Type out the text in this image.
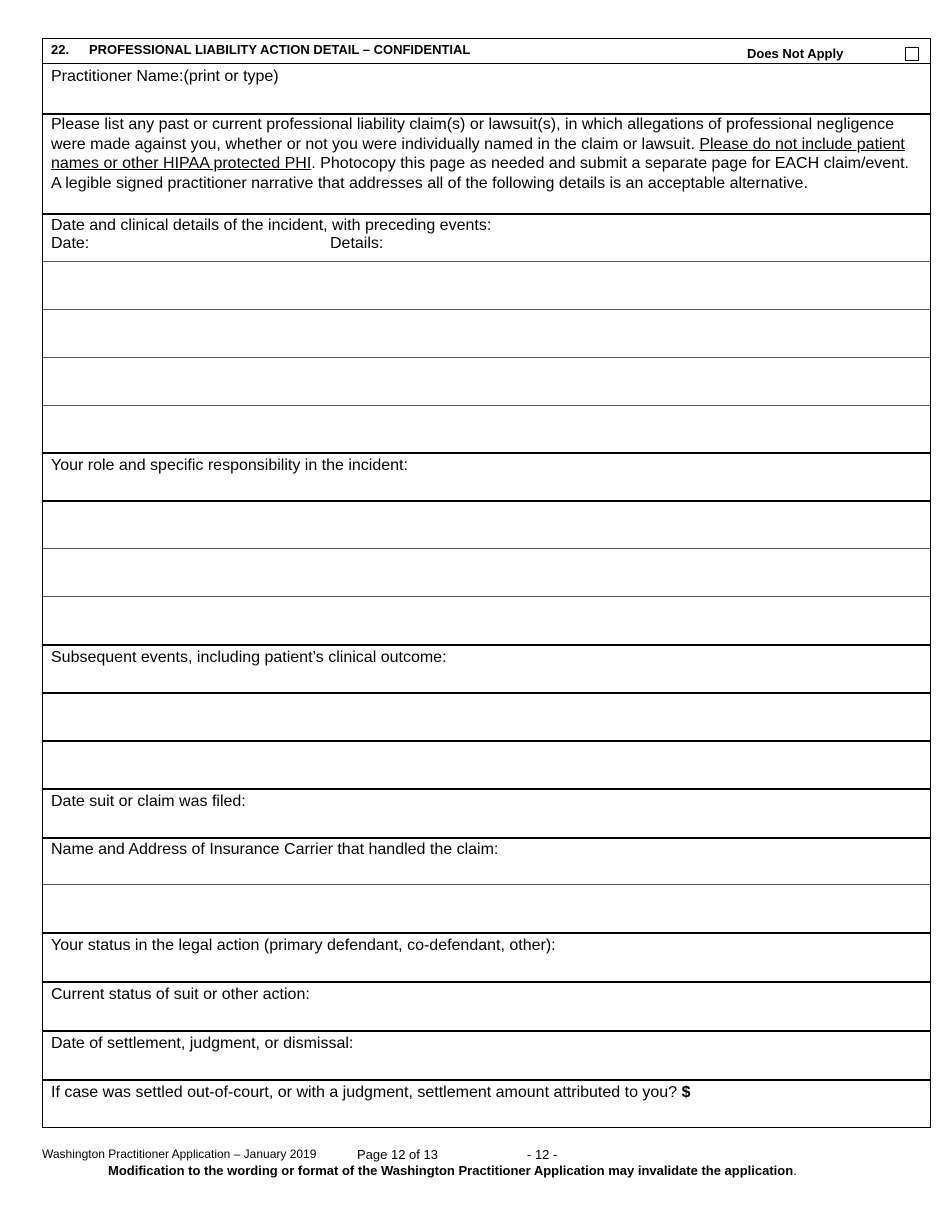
22. PROFESSIONAL LIABILITY ACTION DETAIL – CONFIDENTIAL	Does Not Apply
Practitioner Name:(print or type)
Please list any past or current professional liability claim(s) or lawsuit(s), in which allegations of professional negligence were made against you, whether or not you were individually named in the claim or lawsuit. Please do not include patient names or other HIPAA protected PHI. Photocopy this page as needed and submit a separate page for EACH claim/event. A legible signed practitioner narrative that addresses all of the following details is an acceptable alternative.
Date and clinical details of the incident, with preceding events:
Date:	Details:
Your role and specific responsibility in the incident:
Subsequent events, including patient’s clinical outcome:
Date suit or claim was filed:
Name and Address of Insurance Carrier that handled the claim:
Your status in the legal action (primary defendant, co-defendant, other):
Current status of suit or other action:
Date of settlement, judgment, or dismissal:
If case was settled out-of-court, or with a judgment, settlement amount attributed to you? $
Washington Practitioner Application – January 2019	Page 12 of 13	- 12 -
Modification to the wording or format of the Washington Practitioner Application may invalidate the application.
